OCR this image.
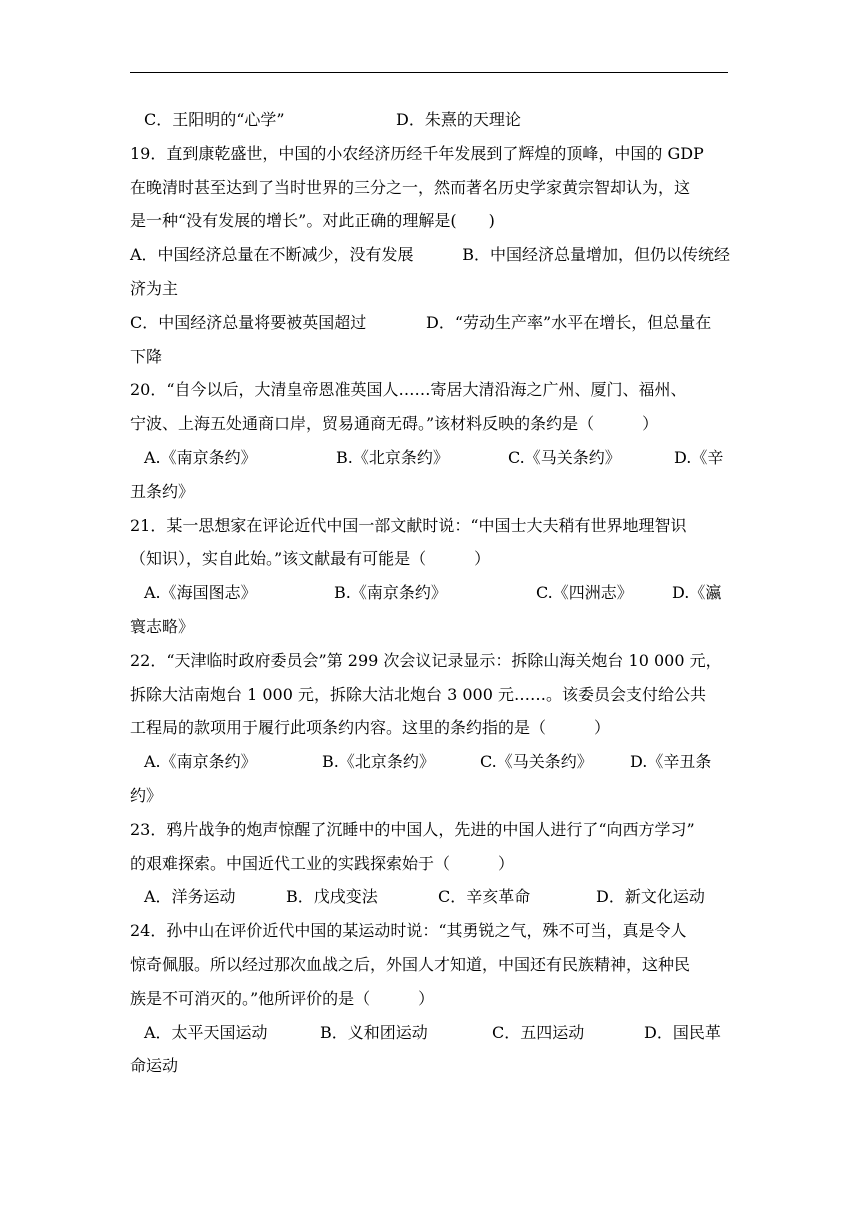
C．王阳明的“心学”	D．朱熹的天理论
19．直到康乾盛世，中国的小农经济历经千年发展到了辉煌的顶峰，中国的 GDP
在晚清时甚至达到了当时世界的三分之一，然而著名历史学家黄宗智却认为，这
是一种“没有发展的增长”。对此正确的理解是(　　)
A．中国经济总量在不断减少，没有发展	B．中国经济总量增加，但仍以传统经
济为主
C．中国经济总量将要被英国超过	D．“劳动生产率”水平在增长，但总量在
下降
20．“自今以后，大清皇帝恩准英国人……寄居大清沿海之广州、厦门、福州、
宁波、上海五处通商口岸，贸易通商无碍。”该材料反映的条约是（　　　）
A.《南京条约》	B.《北京条约》	C.《马关条约》	D.《辛
丑条约》
21．某一思想家在评论近代中国一部文献时说：“中国士大夫稍有世界地理智识
（知识），实自此始。”该文献最有可能是（　　　）
A.《海国图志》	B.《南京条约》	C.《四洲志》	D.《瀛
寰志略》
22．“天津临时政府委员会”第 299 次会议记录显示：拆除山海关炮台 10 000 元，
拆除大沽南炮台 1 000 元，拆除大沽北炮台 3 000 元……。该委员会支付给公共
工程局的款项用于履行此项条约内容。这里的条约指的是（　　　）
A.《南京条约》	B.《北京条约》	C.《马关条约》	D.《辛丑条
约》
23．鸦片战争的炮声惊醒了沉睡中的中国人，先进的中国人进行了“向西方学习”
的艰难探索。中国近代工业的实践探索始于（　　　）
A．洋务运动	B．戊戌变法	C．辛亥革命	D．新文化运动
24．孙中山在评价近代中国的某运动时说：“其勇锐之气，殊不可当，真是令人
惊奇佩服。所以经过那次血战之后，外国人才知道，中国还有民族精神，这种民
族是不可消灭的。”他所评价的是（　　　）
A．太平天国运动	B．义和团运动	C．五四运动	D．国民革
命运动
